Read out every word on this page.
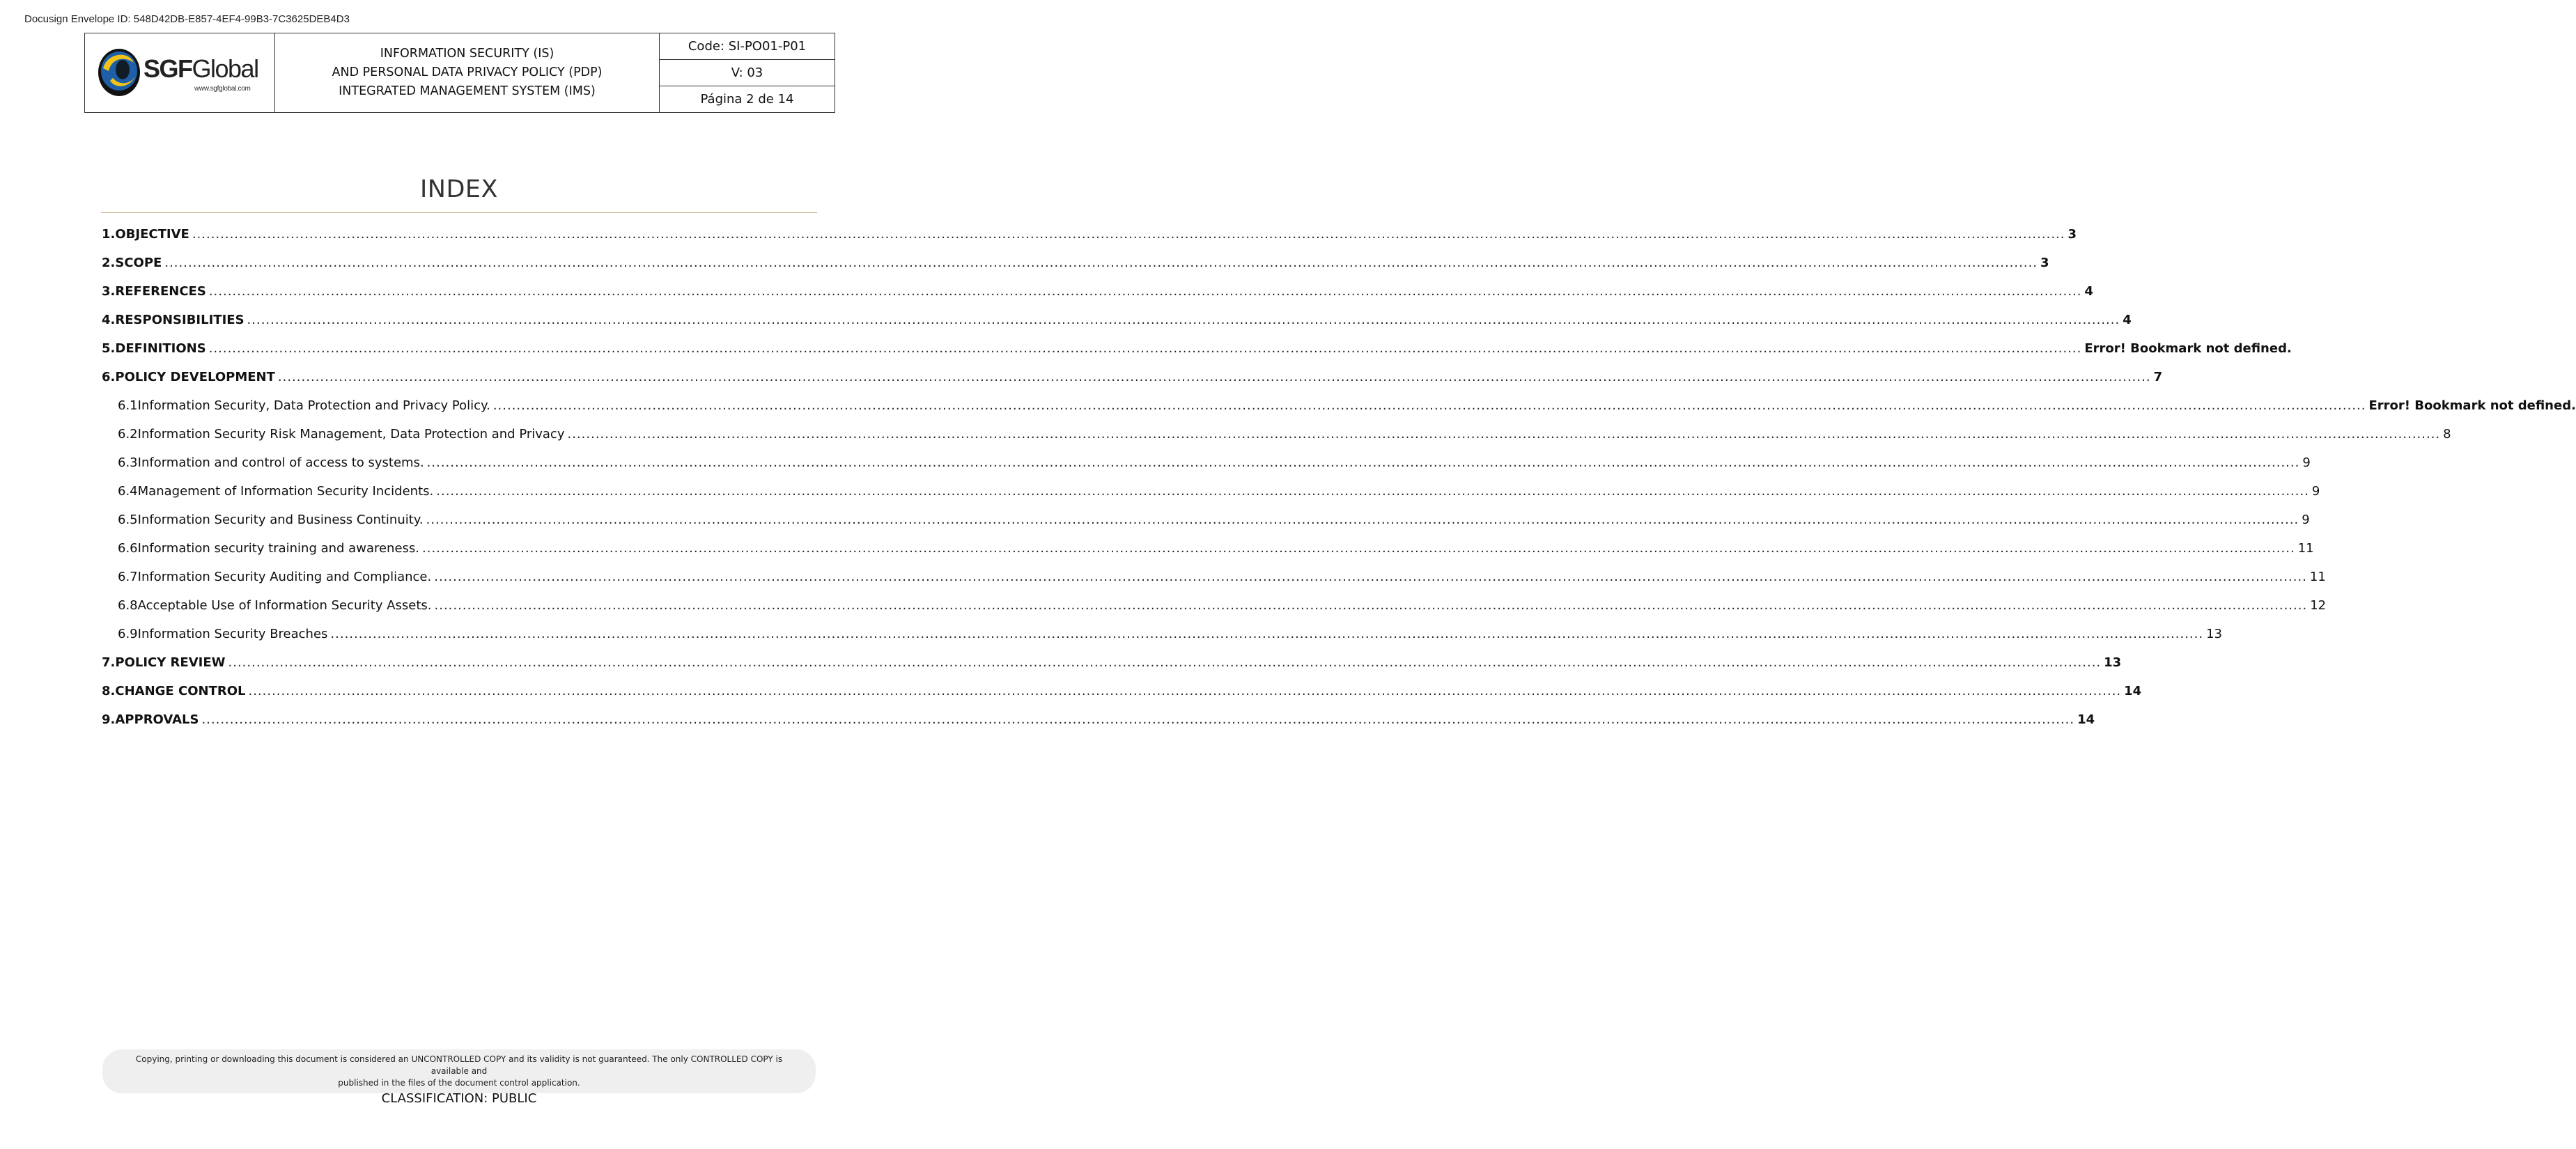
Docusign Envelope ID: 548D42DB-E857-4EF4-99B3-7C3625DEB4D3
SGFGlobal
www.sgfglobal.com
INFORMATION SECURITY (IS)
AND PERSONAL DATA PRIVACY POLICY (PDP)
INTEGRATED MANAGEMENT SYSTEM (IMS)
Code: SI-PO01-P01
V: 03
Página 2 de 14
INDEX
1. OBJECTIVE ................................................................................................................................................................................................................................................................................................................................................................................................................ 3
2. SCOPE ................................................................................................................................................................................................................................................................................................................................................................................................................ 3
3. REFERENCES ................................................................................................................................................................................................................................................................................................................................................................................................................ 4
4. RESPONSIBILITIES ................................................................................................................................................................................................................................................................................................................................................................................................................ 4
5. DEFINITIONS ................................................................................................................................................................................................................................................................................................................................................................................................................ Error! Bookmark not defined.
6. POLICY DEVELOPMENT ................................................................................................................................................................................................................................................................................................................................................................................................................ 7
6.1 Information Security, Data Protection and Privacy Policy. ................................................................................................................................................................................................................................................................................................................................................................................................................ Error! Bookmark not defined.
6.2 Information Security Risk Management, Data Protection and Privacy ................................................................................................................................................................................................................................................................................................................................................................................................................ 8
6.3 Information and control of access to systems. ................................................................................................................................................................................................................................................................................................................................................................................................................ 9
6.4 Management of Information Security Incidents. ................................................................................................................................................................................................................................................................................................................................................................................................................ 9
6.5 Information Security and Business Continuity. ................................................................................................................................................................................................................................................................................................................................................................................................................ 9
6.6 Information security training and awareness. ................................................................................................................................................................................................................................................................................................................................................................................................................ 11
6.7 Information Security Auditing and Compliance. ................................................................................................................................................................................................................................................................................................................................................................................................................ 11
6.8 Acceptable Use of Information Security Assets. ................................................................................................................................................................................................................................................................................................................................................................................................................ 12
6.9 Information Security Breaches ................................................................................................................................................................................................................................................................................................................................................................................................................ 13
7. POLICY REVIEW ................................................................................................................................................................................................................................................................................................................................................................................................................ 13
8. CHANGE CONTROL ................................................................................................................................................................................................................................................................................................................................................................................................................ 14
9. APPROVALS ................................................................................................................................................................................................................................................................................................................................................................................................................ 14
Copying, printing or downloading this document is considered an UNCONTROLLED COPY and its validity is not guaranteed. The only CONTROLLED COPY is available and
published in the files of the document control application.
CLASSIFICATION: PUBLIC
